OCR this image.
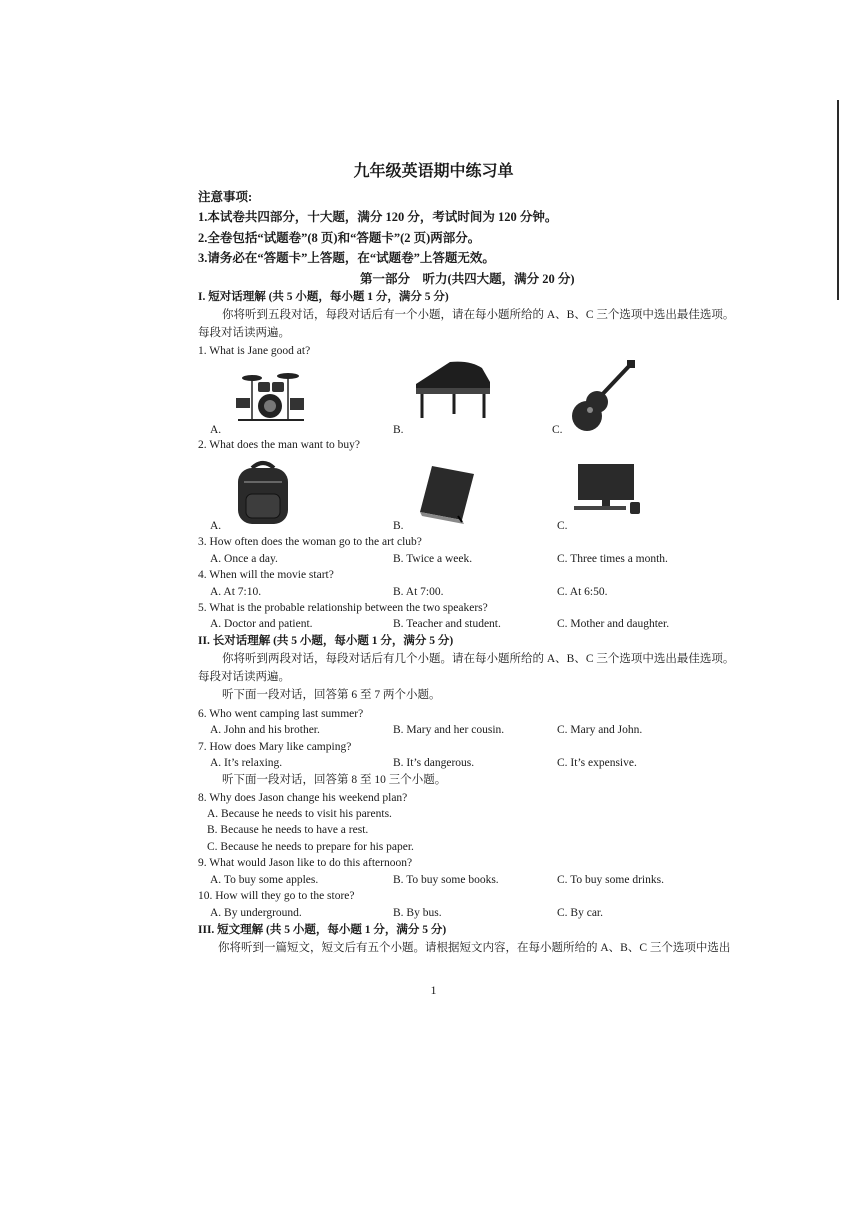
九年级英语期中练习单
注意事项:
1.本试卷共四部分，十大题，满分 120 分，考试时间为 120 分钟。
2.全卷包括“试题卷”(8 页)和“答题卡”(2 页)两部分。
3.请务必在“答题卡”上答题，在“试题卷”上答题无效。
第一部分　听力(共四大题，满分 20 分)
I. 短对话理解 (共 5 小题，每小题 1 分，满分 5 分)
你将听到五段对话，每段对话后有一个小题，请在每小题所给的 A、B、C 三个选项中选出最佳选项。
每段对话读两遍。
1. What is Jane good at?
A.	B.	C.
2. What does the man want to buy?
A.	B.	C.
3. How often does the woman go to the art club?
A. Once a day.	B. Twice a week.	C. Three times a month.
4. When will the movie start?
A. At 7:10.	B. At 7:00.	C. At 6:50.
5. What is the probable relationship between the two speakers?
A. Doctor and patient.	B. Teacher and student.	C. Mother and daughter.
II. 长对话理解 (共 5 小题，每小题 1 分，满分 5 分)
你将听到两段对话，每段对话后有几个小题。请在每小题所给的 A、B、C 三个选项中选出最佳选项。
每段对话读两遍。
听下面一段对话，回答第 6 至 7 两个小题。
6. Who went camping last summer?
A. John and his brother.	B. Mary and her cousin.	C. Mary and John.
7. How does Mary like camping?
A. It’s relaxing.	B. It’s dangerous.	C. It’s expensive.
听下面一段对话，回答第 8 至 10 三个小题。
8. Why does Jason change his weekend plan?
A. Because he needs to visit his parents.
B. Because he needs to have a rest.
C. Because he needs to prepare for his paper.
9. What would Jason like to do this afternoon?
A. To buy some apples.	B. To buy some books.	C. To buy some drinks.
10. How will they go to the store?
A. By underground.	B. By bus.	C. By car.
III. 短文理解 (共 5 小题，每小题 1 分，满分 5 分)
你将听到一篇短文，短文后有五个小题。请根据短文内容，在每小题所给的 A、B、C 三个选项中选出
1
